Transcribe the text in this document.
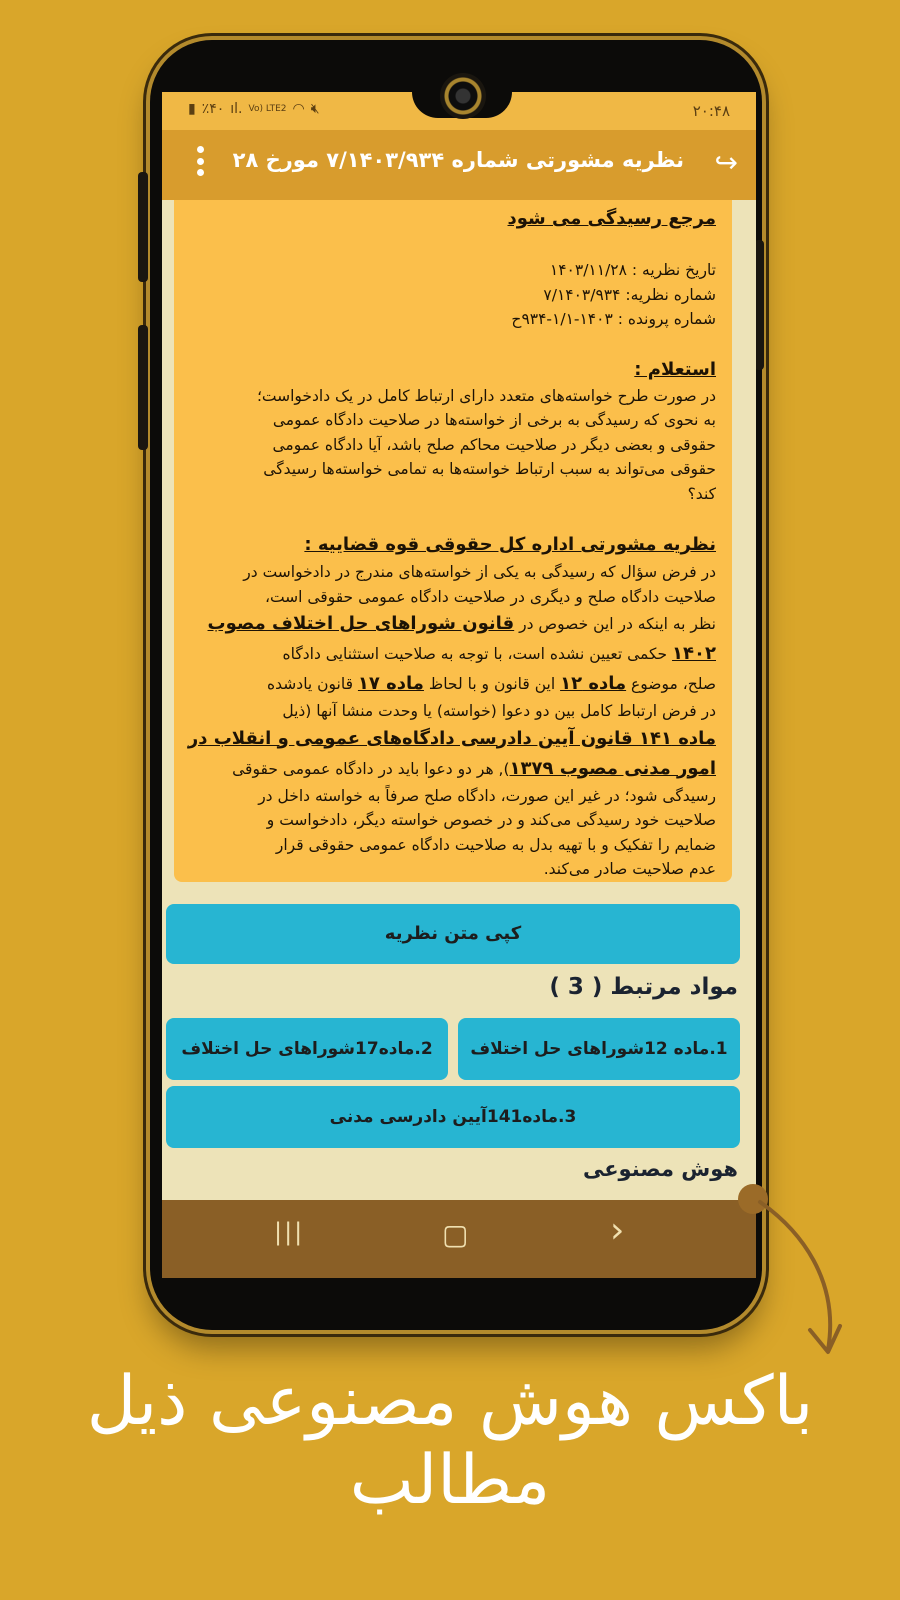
▮ ٪۴۰ ıl. Vo) LTE2 ◠ 🔇︎	۲۰:۴۸
↪
نظریه مشورتی شماره ۷/۱۴۰۳/۹۳۴ مورخ ۲۸
مرجع رسیدگی می شود
تاریخ نظریه : ۱۴۰۳/۱۱/۲۸
شماره نظریه: ۷/۱۴۰۳/۹۳۴
شماره پرونده : ۱۴۰۳-۱/۱-۹۳۴ح
استعلام :
در صورت طرح خواسته‌های متعدد دارای ارتباط کامل در یک دادخواست؛
به نحوی که رسیدگی به برخی از خواسته‌ها در صلاحیت دادگاه عمومی
حقوقی و بعضی دیگر در صلاحیت محاکم صلح باشد، آیا دادگاه عمومی
حقوقی می‌تواند به سبب ارتباط خواسته‌ها به تمامی خواسته‌ها رسیدگی
کند؟
نظریه مشورتی اداره کل حقوقی قوه قضاییه :
در فرض سؤال که رسیدگی به یکی از خواسته‌های مندرج در دادخواست در
صلاحیت دادگاه صلح و دیگری در صلاحیت دادگاه عمومی حقوقی است،
نظر به اینکه در این خصوص در قانون شوراهای حل اختلاف مصوب
۱۴۰۲ حکمی تعیین نشده است، با توجه به صلاحیت استثنایی دادگاه
صلح، موضوع ماده ۱۲ این قانون و با لحاظ ماده ۱۷ قانون یادشده
در فرض ارتباط کامل بین دو دعوا (خواسته) یا وحدت منشا آنها (ذیل
ماده ۱۴۱ قانون آیین دادرسی دادگاه‌های عمومی و انقلاب در
امور مدنی مصوب ۱۳۷۹), هر دو دعوا باید در دادگاه عمومی حقوقی
رسیدگی شود؛ در غیر این صورت، دادگاه صلح صرفاً به خواسته داخل در
صلاحیت خود رسیدگی می‌کند و در خصوص خواسته دیگر، دادخواست و
ضمایم را تفکیک و با تهیه بدل به صلاحیت دادگاه عمومی حقوقی قرار
عدم صلاحیت صادر می‌کند.
کپی متن نظریه
مواد مرتبط ( 3 )
1.ماده 12شوراهای حل اختلاف
2.ماده17شوراهای حل اختلاف
3.ماده141آیین دادرسی مدنی
هوش مصنوعی
|||	▢	›
باکس هوش مصنوعی ذیل مطالب
